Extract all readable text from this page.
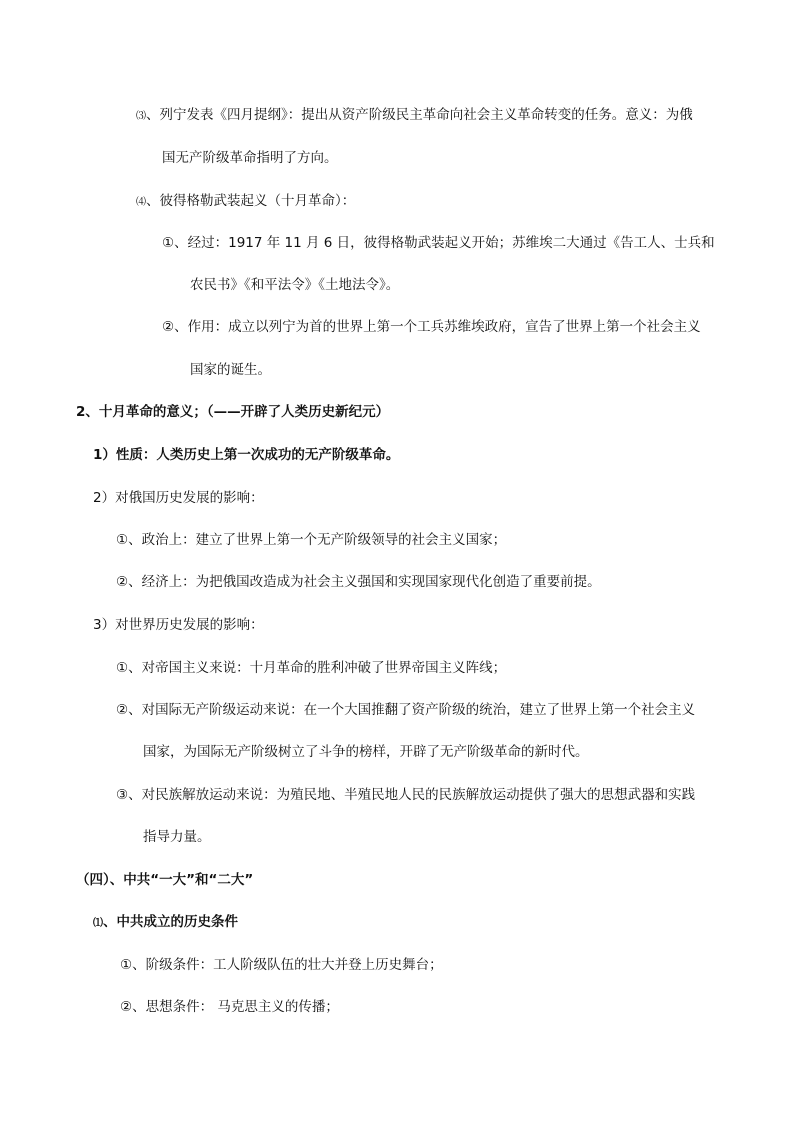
⑶、列宁发表《四月提纲》：提出从资产阶级民主革命向社会主义革命转变的任务。意义：为俄
国无产阶级革命指明了方向。
⑷、彼得格勒武装起义（十月革命）：
①、经过：1917 年 11 月 6 日，彼得格勒武装起义开始；苏维埃二大通过《告工人、士兵和
农民书》《和平法令》《土地法令》。
②、作用：成立以列宁为首的世界上第一个工兵苏维埃政府，宣告了世界上第一个社会主义
国家的诞生。
2、十月革命的意义；（——开辟了人类历史新纪元）
1）性质：人类历史上第一次成功的无产阶级革命。
2）对俄国历史发展的影响：
①、政治上：建立了世界上第一个无产阶级领导的社会主义国家；
②、经济上：为把俄国改造成为社会主义强国和实现国家现代化创造了重要前提。
3）对世界历史发展的影响：
①、对帝国主义来说：十月革命的胜利冲破了世界帝国主义阵线；
②、对国际无产阶级运动来说：在一个大国推翻了资产阶级的统治，建立了世界上第一个社会主义
国家，为国际无产阶级树立了斗争的榜样，开辟了无产阶级革命的新时代。
③、对民族解放运动来说：为殖民地、半殖民地人民的民族解放运动提供了强大的思想武器和实践
指导力量。
（四）、中共“一大”和“二大”
⑴、中共成立的历史条件
①、阶级条件：工人阶级队伍的壮大并登上历史舞台；
②、思想条件： 马克思主义的传播；
